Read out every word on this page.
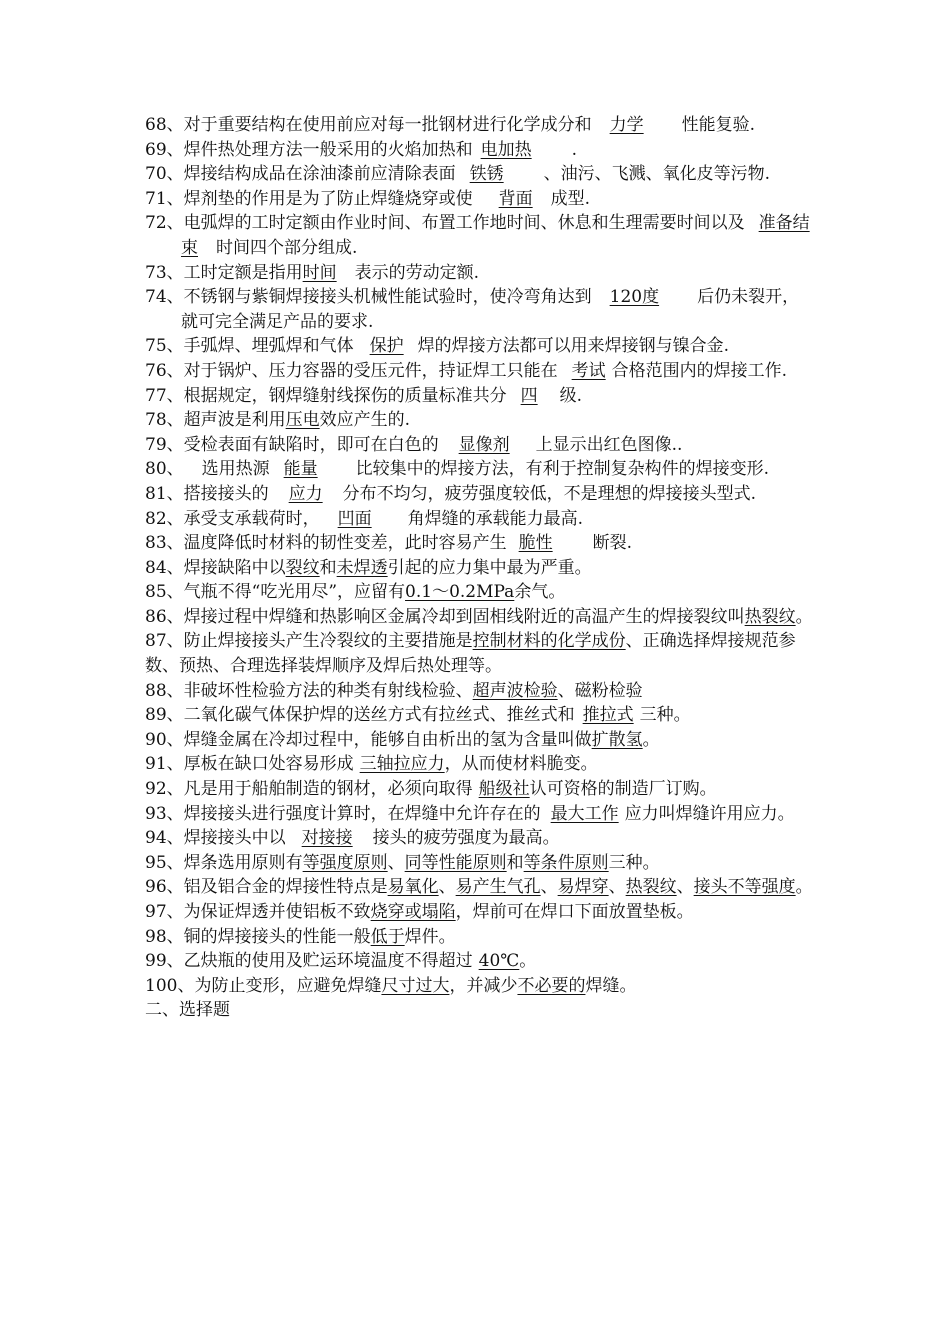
68、对于重要结构在使用前应对每一批钢材进行化学成分和 力学 性能复验.

69、焊件热处理方法一般采用的火焰加热和 电加热 .

70、焊接结构成品在涂油漆前应清除表面 铁锈 、油污、飞溅、氧化皮等污物.

71、焊剂垫的作用是为了防止焊缝烧穿或使 背面 成型.

72、电弧焊的工时定额由作业时间、布置工作地时间、休息和生理需要时间以及 准备结束 时间四个部分组成.

73、工时定额是指用时间 表示的劳动定额.

74、不锈钢与紫铜焊接接头机械性能试验时，使冷弯角达到 120度 后仍未裂开，就可完全满足产品的要求.

75、手弧焊、埋弧焊和气体 保护 焊的焊接方法都可以用来焊接钢与镍合金.

76、对于锅炉、压力容器的受压元件，持证焊工只能在 考试 合格范围内的焊接工作.

77、根据规定，钢焊缝射线探伤的质量标准共分 四 级.

78、超声波是利用压电效应产生的.

79、受检表面有缺陷时，即可在白色的 显像剂 上显示出红色图像..

80、 选用热源 能量 比较集中的焊接方法，有利于控制复杂构件的焊接变形.

81、搭接接头的 应力 分布不均匀，疲劳强度较低，不是理想的焊接接头型式.

82、承受支承载荷时， 凹面 角焊缝的承载能力最高.

83、温度降低时材料的韧性变差，此时容易产生 脆性 断裂.

84、焊接缺陷中以裂纹和未焊透引起的应力集中最为严重。

85、气瓶不得“吃光用尽”，应留有0.1～0.2MPa余气。

86、焊接过程中焊缝和热影响区金属冷却到固相线附近的高温产生的焊接裂纹叫热裂纹。

87、防止焊接接头产生冷裂纹的主要措施是控制材料的化学成份、正确选择焊接规范参数、预热、合理选择装焊顺序及焊后热处理等。

88、非破坏性检验方法的种类有射线检验、超声波检验、磁粉检验

89、二氧化碳气体保护焊的送丝方式有拉丝式、推丝式和 推拉式 三种。

90、焊缝金属在冷却过程中，能够自由析出的氢为含量叫做扩散氢。

91、厚板在缺口处容易形成 三轴拉应力，从而使材料脆变。

92、凡是用于船舶制造的钢材，必须向取得 船级社认可资格的制造厂订购。

93、焊接接头进行强度计算时，在焊缝中允许存在的 最大工作 应力叫焊缝许用应力。

94、焊接接头中以 对接接 接头的疲劳强度为最高。

95、焊条选用原则有等强度原则、同等性能原则和等条件原则三种。

96、铝及铝合金的焊接性特点是易氧化、易产生气孔、易焊穿、热裂纹、接头不等强度。

97、为保证焊透并使铝板不致烧穿或塌陷，焊前可在焊口下面放置垫板。

98、铜的焊接接头的性能一般低于焊件。

99、乙炔瓶的使用及贮运环境温度不得超过 40℃。

100、为防止变形，应避免焊缝尺寸过大，并减少不必要的焊缝。

二、选择题
